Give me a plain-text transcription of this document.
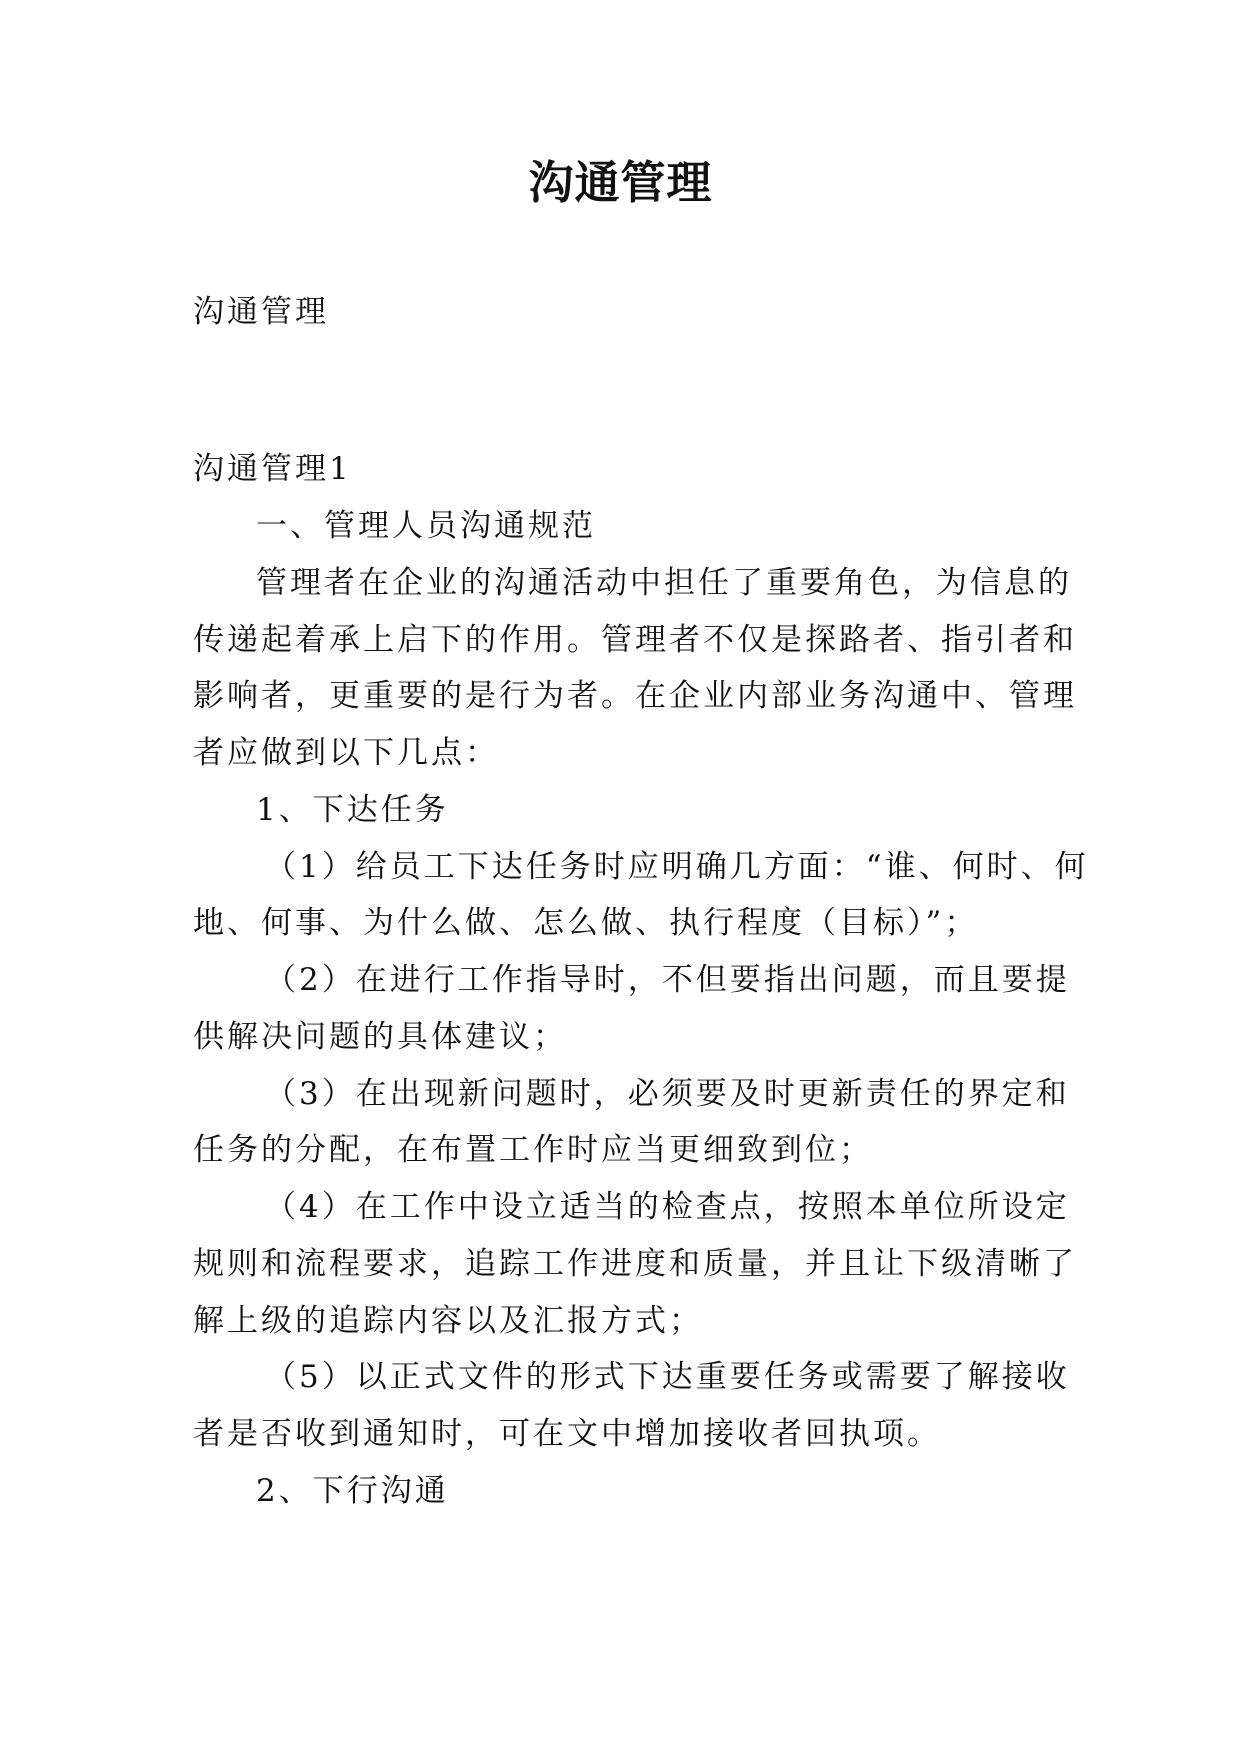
沟通管理

沟通管理

沟通管理1

一、管理人员沟通规范

管理者在企业的沟通活动中担任了重要角色，为信息的

传递起着承上启下的作用。管理者不仅是探路者、指引者和

影响者，更重要的是行为者。在企业内部业务沟通中、管理

者应做到以下几点：

1、下达任务

（1）给员工下达任务时应明确几方面：“谁、何时、何

地、何事、为什么做、怎么做、执行程度（目标）”；

（2）在进行工作指导时，不但要指出问题，而且要提

供解决问题的具体建议；

（3）在出现新问题时，必须要及时更新责任的界定和

任务的分配，在布置工作时应当更细致到位；

（4）在工作中设立适当的检查点，按照本单位所设定

规则和流程要求，追踪工作进度和质量，并且让下级清晰了

解上级的追踪内容以及汇报方式；

（5）以正式文件的形式下达重要任务或需要了解接收

者是否收到通知时，可在文中增加接收者回执项。

2、下行沟通
